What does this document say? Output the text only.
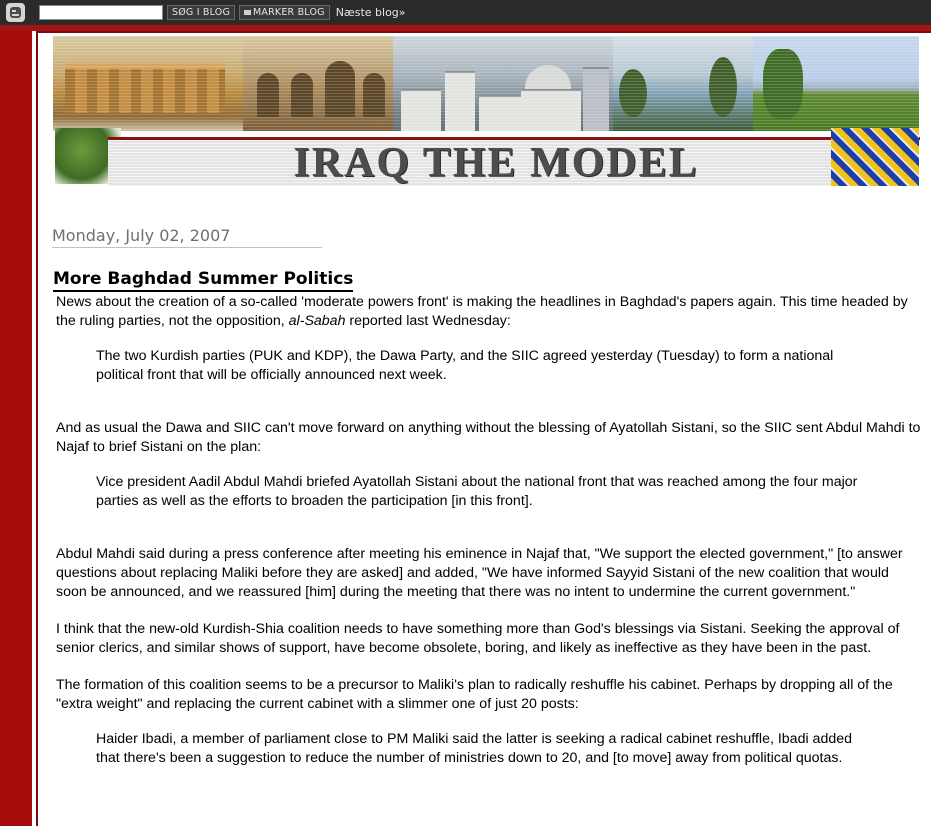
SØG I BLOG MARKER BLOG Næste blog»
IRAQ THE MODEL
Monday, July 02, 2007
More Baghdad Summer Politics

News about the creation of a so-called 'moderate powers front' is making the headlines in Baghdad's papers again. This time headed by the ruling parties, not the opposition, al-Sabah reported last Wednesday:

The two Kurdish parties (PUK and KDP), the Dawa Party, and the SIIC agreed yesterday (Tuesday) to form a national political front that will be officially announced next week.

And as usual the Dawa and SIIC can't move forward on anything without the blessing of Ayatollah Sistani, so the SIIC sent Abdul Mahdi to Najaf to brief Sistani on the plan:

Vice president Aadil Abdul Mahdi briefed Ayatollah Sistani about the national front that was reached among the four major parties as well as the efforts to broaden the participation [in this front].

Abdul Mahdi said during a press conference after meeting his eminence in Najaf that, "We support the elected government," [to answer questions about replacing Maliki before they are asked] and added, "We have informed Sayyid Sistani of the new coalition that would soon be announced, and we reassured [him] during the meeting that there was no intent to undermine the current government."

I think that the new-old Kurdish-Shia coalition needs to have something more than God's blessings via Sistani. Seeking the approval of senior clerics, and similar shows of support, have become obsolete, boring, and likely as ineffective as they have been in the past.

The formation of this coalition seems to be a precursor to Maliki's plan to radically reshuffle his cabinet. Perhaps by dropping all of the "extra weight" and replacing the current cabinet with a slimmer one of just 20 posts:

Haider Ibadi, a member of parliament close to PM Maliki said the latter is seeking a radical cabinet reshuffle, Ibadi added that there's been a suggestion to reduce the number of ministries down to 20, and [to move] away from political quotas.
